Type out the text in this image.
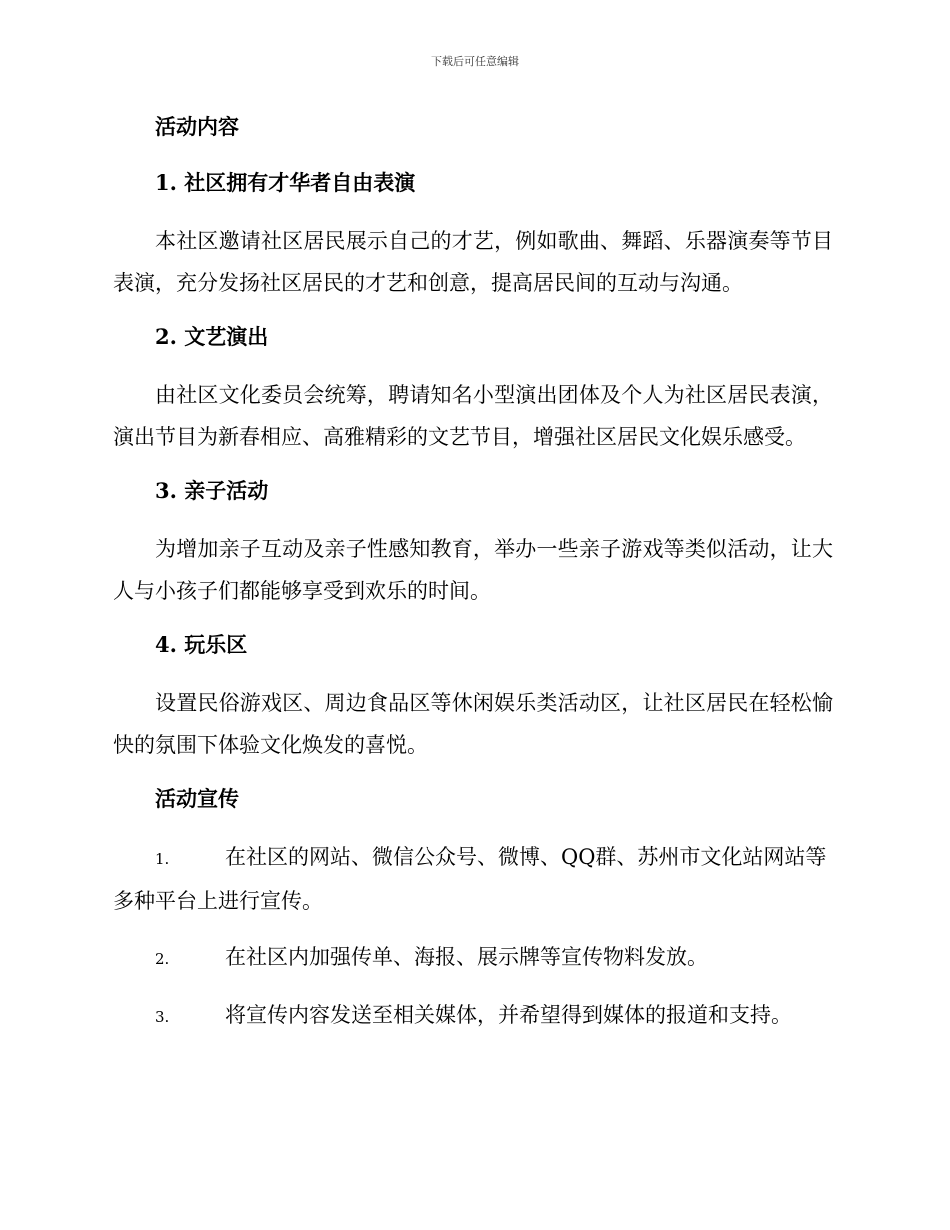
下载后可任意编辑
活动内容
1. 社区拥有才华者自由表演
本社区邀请社区居民展示自己的才艺，例如歌曲、舞蹈、乐器演奏等节目表演，充分发扬社区居民的才艺和创意，提高居民间的互动与沟通。
2. 文艺演出
由社区文化委员会统筹，聘请知名小型演出团体及个人为社区居民表演，演出节目为新春相应、高雅精彩的文艺节目，增强社区居民文化娱乐感受。
3. 亲子活动
为增加亲子互动及亲子性感知教育，举办一些亲子游戏等类似活动，让大人与小孩子们都能够享受到欢乐的时间。
4. 玩乐区
设置民俗游戏区、周边食品区等休闲娱乐类活动区，让社区居民在轻松愉快的氛围下体验文化焕发的喜悦。
活动宣传
1.	在社区的网站、微信公众号、微博、QQ群、苏州市文化站网站等多种平台上进行宣传。
2.	在社区内加强传单、海报、展示牌等宣传物料发放。
3.	将宣传内容发送至相关媒体，并希望得到媒体的报道和支持。
